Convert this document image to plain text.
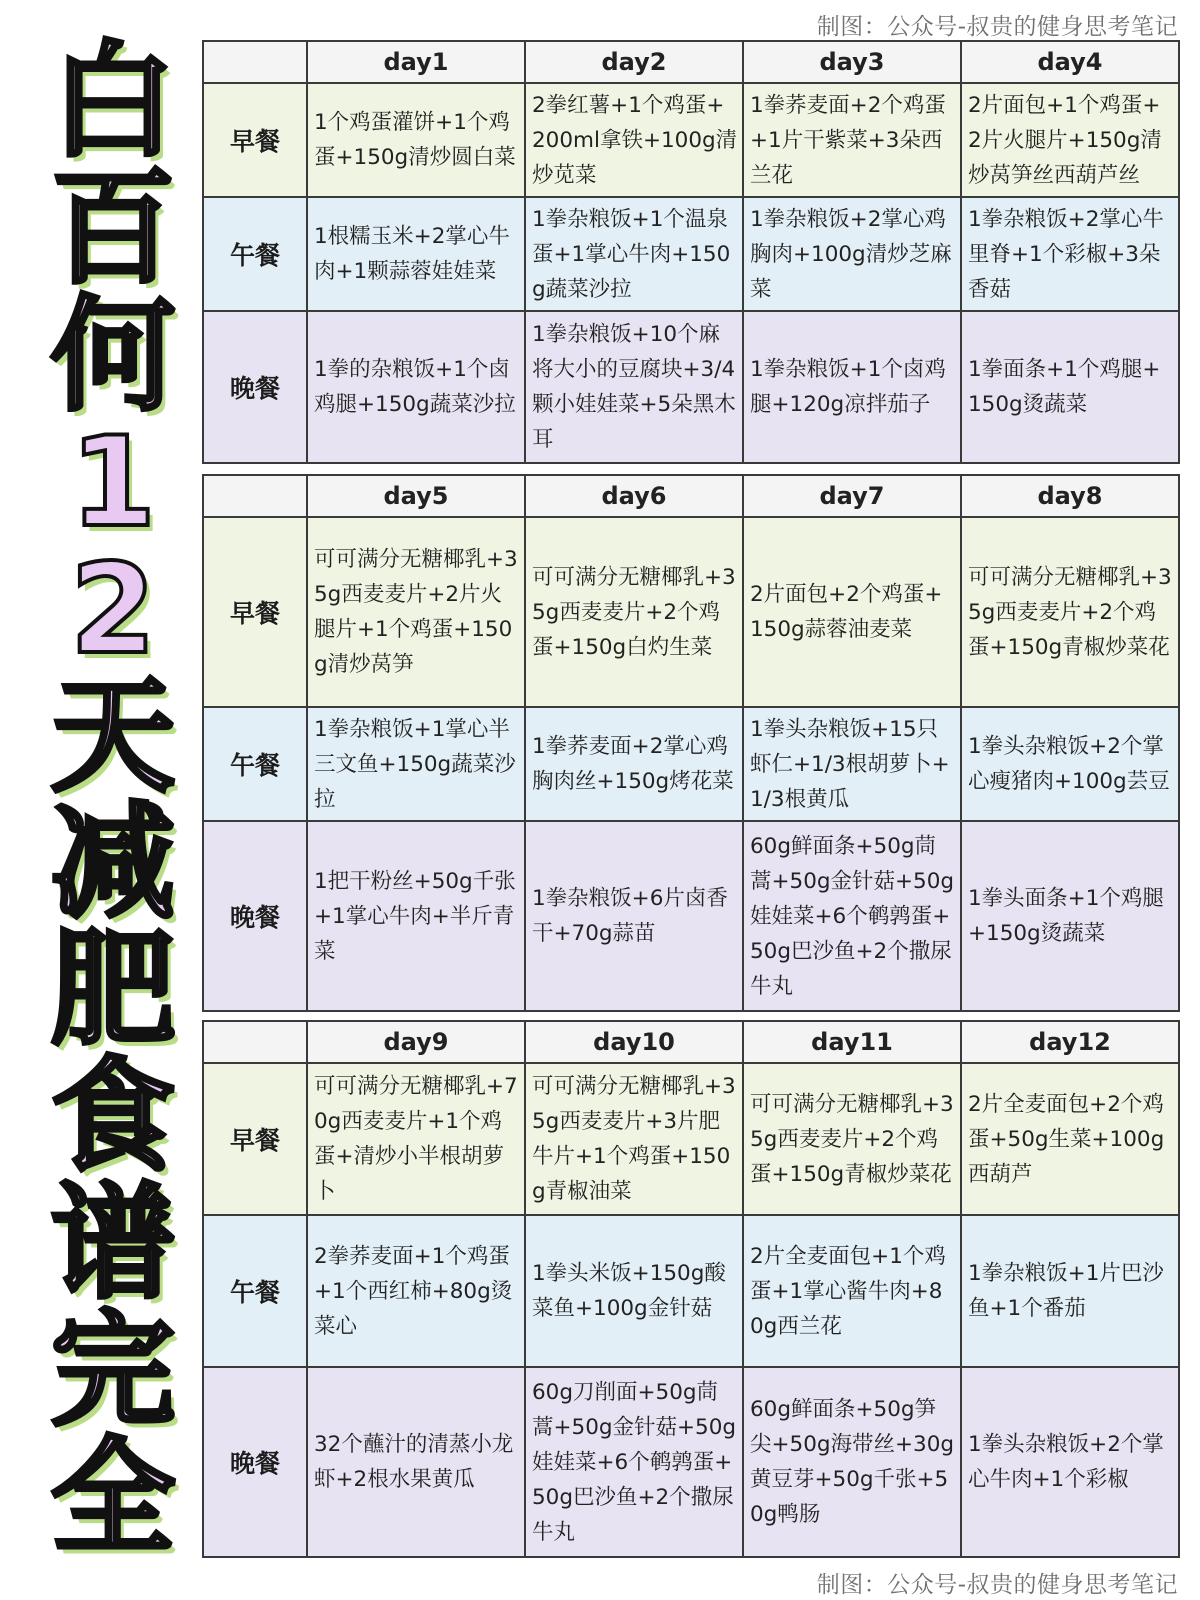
制图：公众号-叔贵的健身思考笔记
白
百
何
1
2
天
减
肥
食
谱
完
全
	day1	day2	day3	day4
早餐	1个鸡蛋灌饼+1个鸡蛋+150g清炒圆白菜	2拳红薯+1个鸡蛋+200ml拿铁+100g清炒苋菜	1拳荞麦面+2个鸡蛋+1片干紫菜+3朵西兰花	2片面包+1个鸡蛋+2片火腿片+150g清炒莴笋丝西葫芦丝
午餐	1根糯玉米+2掌心牛肉+1颗蒜蓉娃娃菜	1拳杂粮饭+1个温泉蛋+1掌心牛肉+150g蔬菜沙拉	1拳杂粮饭+2掌心鸡胸肉+100g清炒芝麻菜	1拳杂粮饭+2掌心牛里脊+1个彩椒+3朵香菇
晚餐	1拳的杂粮饭+1个卤鸡腿+150g蔬菜沙拉	1拳杂粮饭+10个麻将大小的豆腐块+3/4颗小娃娃菜+5朵黑木耳	1拳杂粮饭+1个卤鸡腿+120g凉拌茄子	1拳面条+1个鸡腿+150g烫蔬菜
	day5	day6	day7	day8
早餐	可可满分无糖椰乳+35g西麦麦片+2片火腿片+1个鸡蛋+150g清炒莴笋	可可满分无糖椰乳+35g西麦麦片+2个鸡蛋+150g白灼生菜	2片面包+2个鸡蛋+150g蒜蓉油麦菜	可可满分无糖椰乳+35g西麦麦片+2个鸡蛋+150g青椒炒菜花
午餐	1拳杂粮饭+1掌心半三文鱼+150g蔬菜沙拉	1拳荞麦面+2掌心鸡胸肉丝+150g烤花菜	1拳头杂粮饭+15只虾仁+1/3根胡萝卜+1/3根黄瓜	1拳头杂粮饭+2个掌心瘦猪肉+100g芸豆
晚餐	1把干粉丝+50g千张+1掌心牛肉+半斤青菜	1拳杂粮饭+6片卤香干+70g蒜苗	60g鲜面条+50g茼蒿+50g金针菇+50g娃娃菜+6个鹌鹑蛋+50g巴沙鱼+2个撒尿牛丸	1拳头面条+1个鸡腿+150g烫蔬菜
	day9	day10	day11	day12
早餐	可可满分无糖椰乳+70g西麦麦片+1个鸡蛋+清炒小半根胡萝卜	可可满分无糖椰乳+35g西麦麦片+3片肥牛片+1个鸡蛋+150g青椒油菜	可可满分无糖椰乳+35g西麦麦片+2个鸡蛋+150g青椒炒菜花	2片全麦面包+2个鸡蛋+50g生菜+100g西葫芦
午餐	2拳荞麦面+1个鸡蛋+1个西红柿+80g烫菜心	1拳头米饭+150g酸菜鱼+100g金针菇	2片全麦面包+1个鸡蛋+1掌心酱牛肉+80g西兰花	1拳杂粮饭+1片巴沙鱼+1个番茄
晚餐	32个蘸汁的清蒸小龙虾+2根水果黄瓜	60g刀削面+50g茼蒿+50g金针菇+50g娃娃菜+6个鹌鹑蛋+50g巴沙鱼+2个撒尿牛丸	60g鲜面条+50g笋尖+50g海带丝+30g黄豆芽+50g千张+50g鸭肠	1拳头杂粮饭+2个掌心牛肉+1个彩椒
制图：公众号-叔贵的健身思考笔记
